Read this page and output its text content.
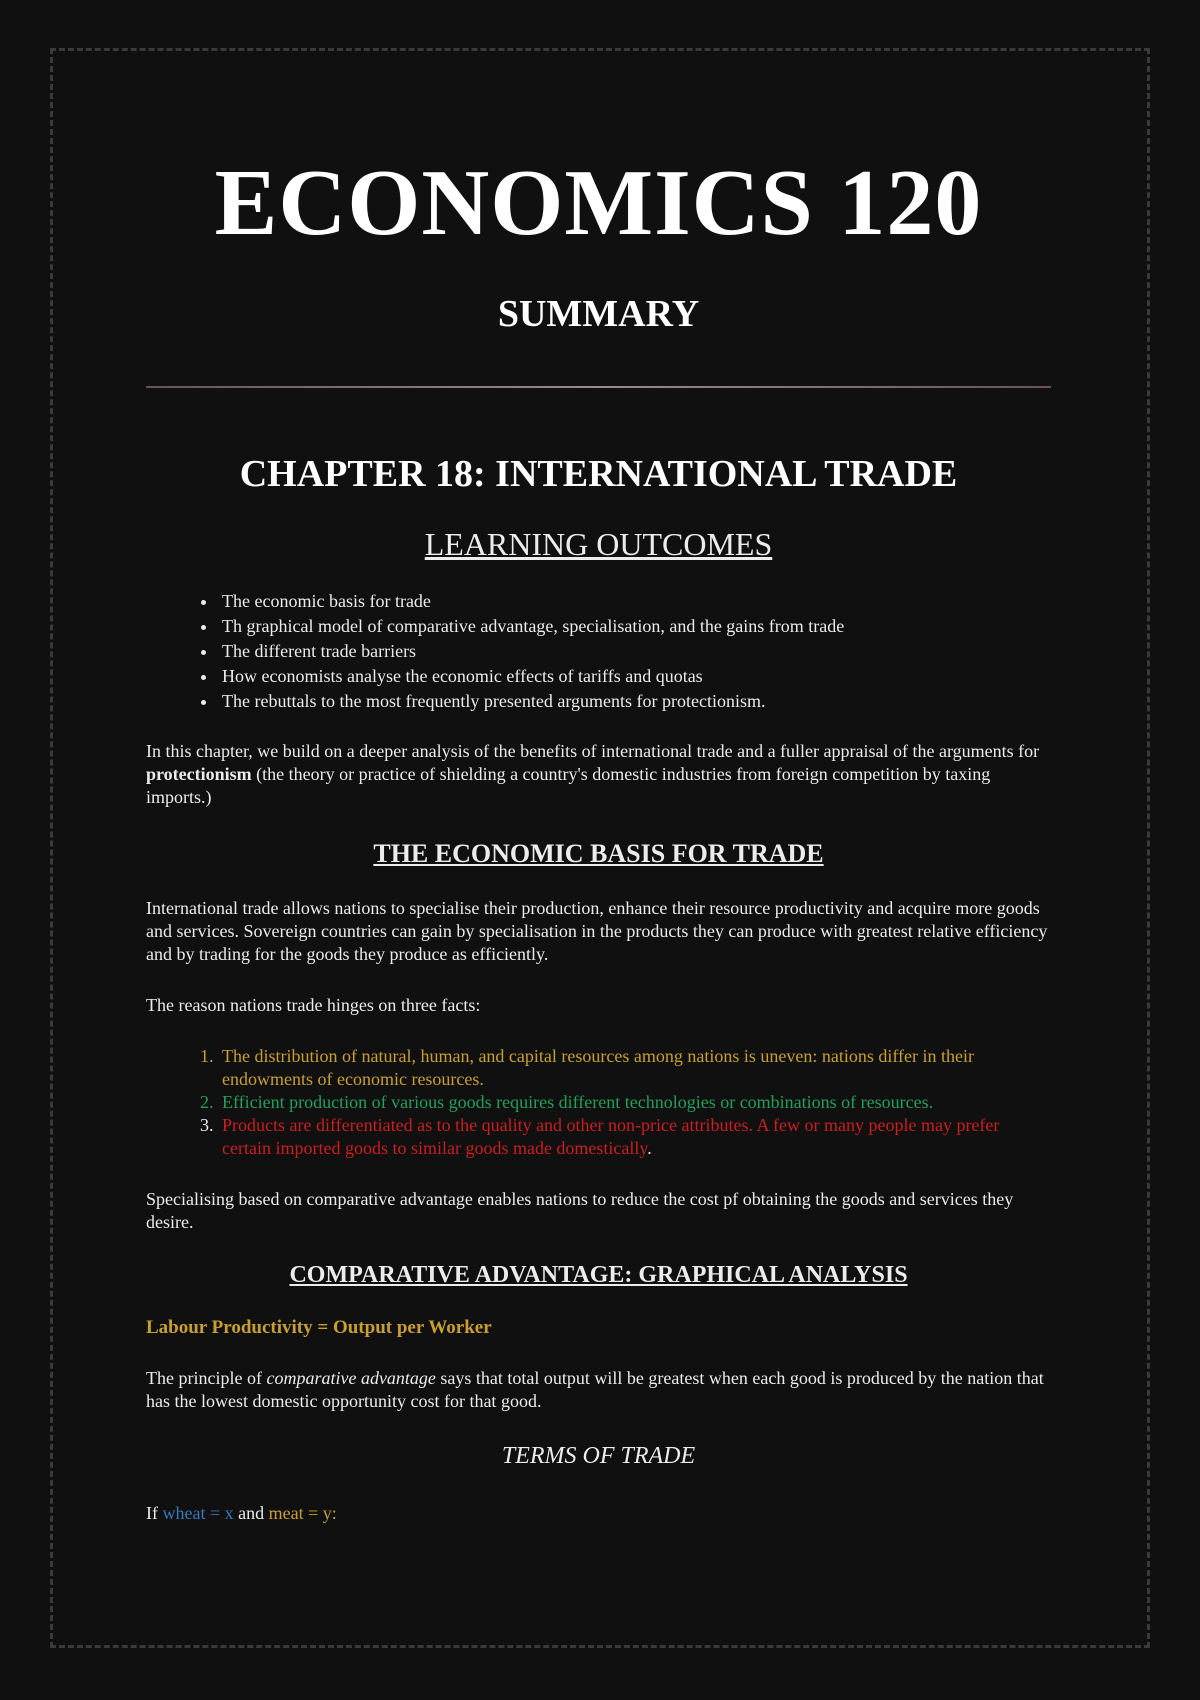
ECONOMICS 120
SUMMARY
CHAPTER 18: INTERNATIONAL TRADE
LEARNING OUTCOMES
• The economic basis for trade
• Th graphical model of comparative advantage, specialisation, and the gains from trade
• The different trade barriers
• How economists analyse the economic effects of tariffs and quotas
• The rebuttals to the most frequently presented arguments for protectionism.

In this chapter, we build on a deeper analysis of the benefits of international trade and a fuller appraisal of the arguments for protectionism (the theory or practice of shielding a country's domestic industries from foreign competition by taxing imports.)

THE ECONOMIC BASIS FOR TRADE

International trade allows nations to specialise their production, enhance their resource productivity and acquire more goods and services. Sovereign countries can gain by specialisation in the products they can produce with greatest relative efficiency and by trading for the goods they produce as efficiently.

The reason nations trade hinges on three facts:

1. The distribution of natural, human, and capital resources among nations is uneven: nations differ in their endowments of economic resources.
2. Efficient production of various goods requires different technologies or combinations of resources.
3. Products are differentiated as to the quality and other non-price attributes. A few or many people may prefer certain imported goods to similar goods made domestically.

Specialising based on comparative advantage enables nations to reduce the cost pf obtaining the goods and services they desire.

COMPARATIVE ADVANTAGE: GRAPHICAL ANALYSIS
Labour Productivity = Output per Worker

The principle of comparative advantage says that total output will be greatest when each good is produced by the nation that has the lowest domestic opportunity cost for that good.

TERMS OF TRADE

If wheat = x and meat = y:
